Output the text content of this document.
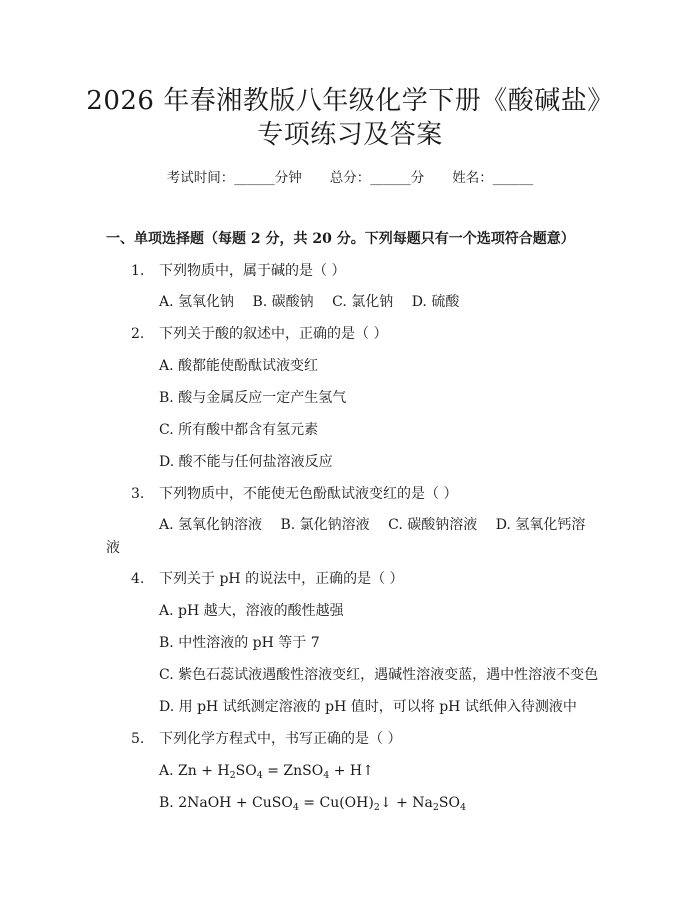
2026 年春湘教版八年级化学下册《酸碱盐》
专项练习及答案
考试时间：______分钟 总分：______分 姓名：______
一、单项选择题（每题 2 分，共 20 分。下列每题只有一个选项符合题意）
1.	下列物质中，属于碱的是（ ）
A. 氢氧化钠 B. 碳酸钠 C. 氯化钠 D. 硫酸
2.	下列关于酸的叙述中，正确的是（ ）
A. 酸都能使酚酞试液变红
B. 酸与金属反应一定产生氢气
C. 所有酸中都含有氢元素
D. 酸不能与任何盐溶液反应
3.	下列物质中，不能使无色酚酞试液变红的是（ ）
A. 氢氧化钠溶液 B. 氯化钠溶液 C. 碳酸钠溶液 D. 氢氧化钙溶
液
4.	下列关于 pH 的说法中，正确的是（ ）
A. pH 越大，溶液的酸性越强
B. 中性溶液的 pH 等于 7
C. 紫色石蕊试液遇酸性溶液变红，遇碱性溶液变蓝，遇中性溶液不变色
D. 用 pH 试纸测定溶液的 pH 值时，可以将 pH 试纸伸入待测液中
5.	下列化学方程式中，书写正确的是（ ）
A. $Zn + H_2SO_4$ = ZnSO$_4$ + H↑
B. 2NaOH + CuSO$_4$ = $Cu(OH)_2↓ + Na_2SO_4$
